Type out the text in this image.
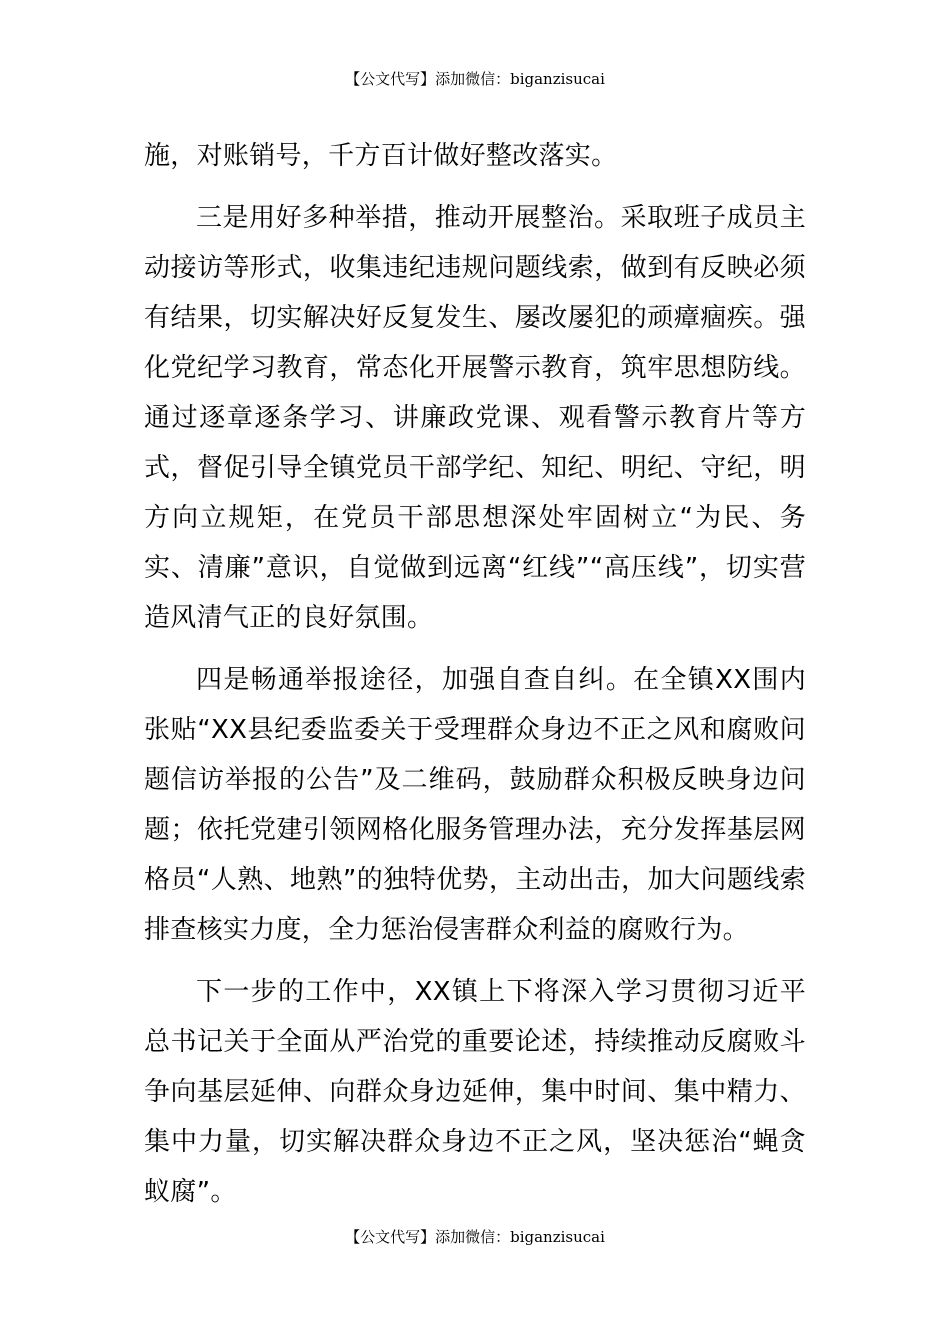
【公文代写】添加微信：biganzisucai

施，对账销号，千方百计做好整改落实。

三是用好多种举措，推动开展整治。采取班子成员主动接访等形式，收集违纪违规问题线索，做到有反映必须有结果，切实解决好反复发生、屡改屡犯的顽瘴痼疾。强化党纪学习教育，常态化开展警示教育，筑牢思想防线。通过逐章逐条学习、讲廉政党课、观看警示教育片等方式，督促引导全镇党员干部学纪、知纪、明纪、守纪，明方向立规矩，在党员干部思想深处牢固树立“为民、务实、清廉”意识，自觉做到远离“红线”“高压线”，切实营造风清气正的良好氛围。

四是畅通举报途径，加强自查自纠。在全镇XX围内张贴“XX县纪委监委关于受理群众身边不正之风和腐败问题信访举报的公告”及二维码，鼓励群众积极反映身边问题；依托党建引领网格化服务管理办法，充分发挥基层网格员“人熟、地熟”的独特优势，主动出击，加大问题线索排查核实力度，全力惩治侵害群众利益的腐败行为。

下一步的工作中，XX镇上下将深入学习贯彻习近平总书记关于全面从严治党的重要论述，持续推动反腐败斗争向基层延伸、向群众身边延伸，集中时间、集中精力、集中力量，切实解决群众身边不正之风，坚决惩治“蝇贪蚁腐”。

【公文代写】添加微信：biganzisucai
